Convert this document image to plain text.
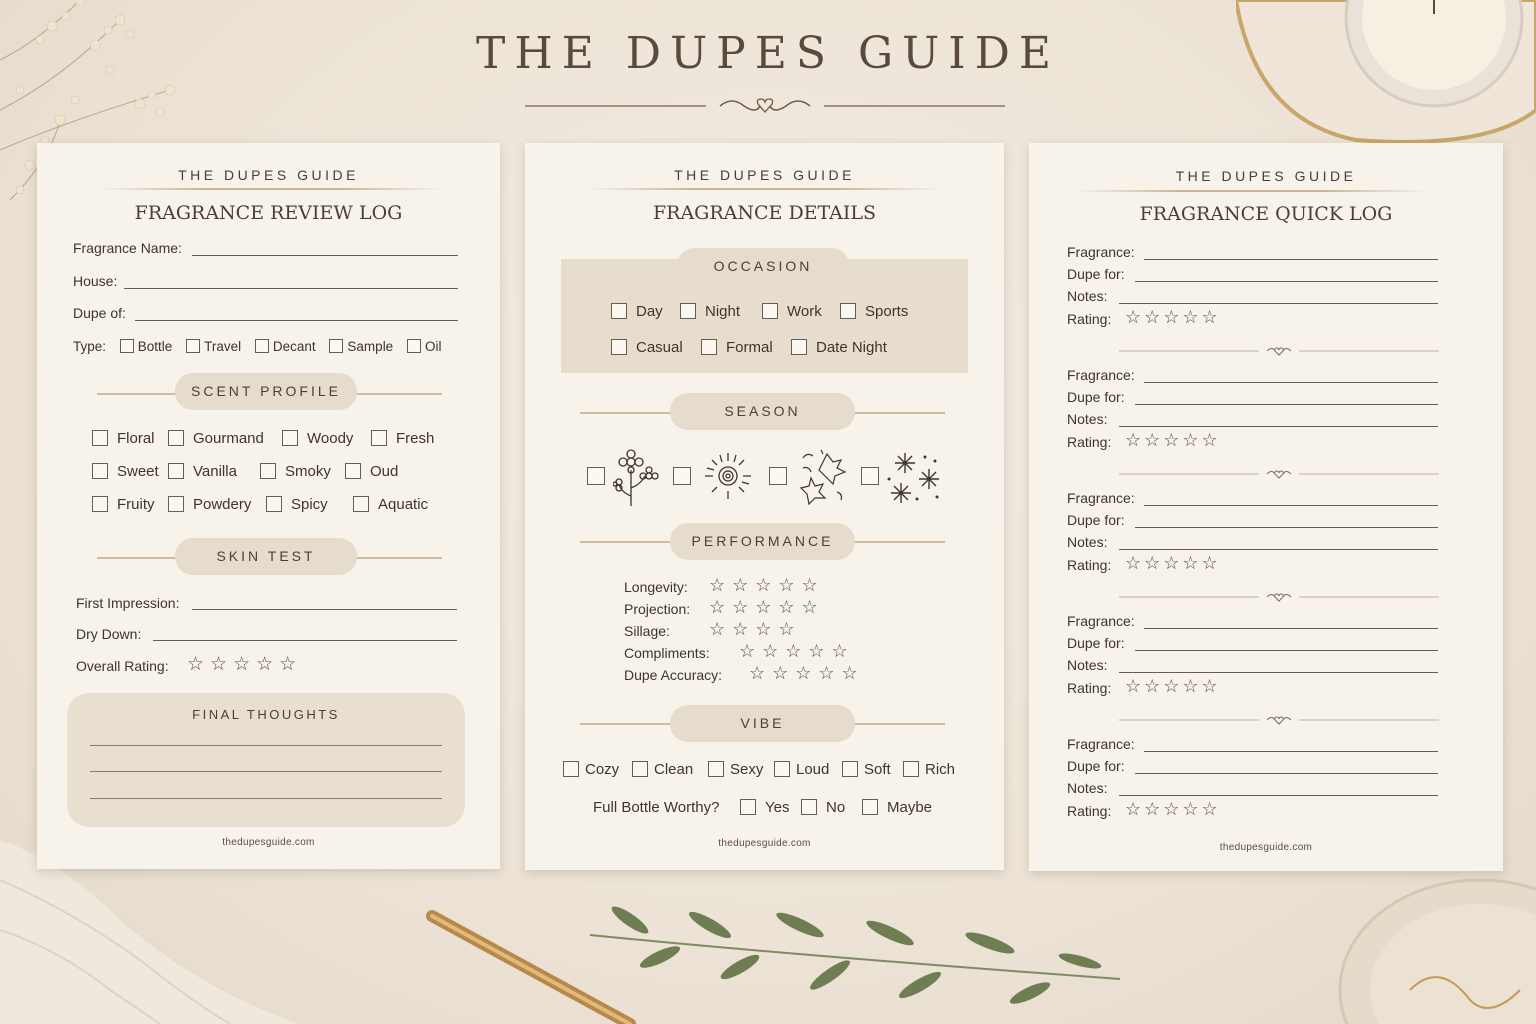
THE DUPES GUIDE
THE DUPES GUIDE
FRAGRANCE REVIEW LOG
Fragrance Name:
House:
Dupe of:
Type: Bottle Travel Decant Sample Oil
SCENT PROFILE
Floral	Gourmand	Woody	Fresh
Sweet	Vanilla	Smoky	Oud
Fruity	Powdery	Spicy	Aquatic
SKIN TEST
First Impression:
Dry Down:
Overall Rating: ☆☆☆☆☆
FINAL THOUGHTS
thedupesguide.com
THE DUPES GUIDE
FRAGRANCE DETAILS
OCCASION
Day	Night	Work	Sports
Casual	Formal	Date Night
SEASON
PERFORMANCE
Longevity: ☆ ☆ ☆ ☆ ☆
Projection: ☆ ☆ ☆ ☆ ☆
Sillage: ☆ ☆ ☆ ☆
Compliments: ☆ ☆ ☆ ☆ ☆
Dupe Accuracy: ☆ ☆ ☆ ☆ ☆
VIBE
Cozy	Clean	Sexy	Loud	Soft	Rich
Full Bottle Worthy?	Yes	No	Maybe
thedupesguide.com
THE DUPES GUIDE
FRAGRANCE QUICK LOG
Fragrance:
Dupe for:
Notes:
Rating: ☆☆☆☆☆
Fragrance:
Dupe for:
Notes:
Rating: ☆☆☆☆☆
Fragrance:
Dupe for:
Notes:
Rating: ☆☆☆☆☆
Fragrance:
Dupe for:
Notes:
Rating: ☆☆☆☆☆
Fragrance:
Dupe for:
Notes:
Rating: ☆☆☆☆☆
thedupesguide.com
